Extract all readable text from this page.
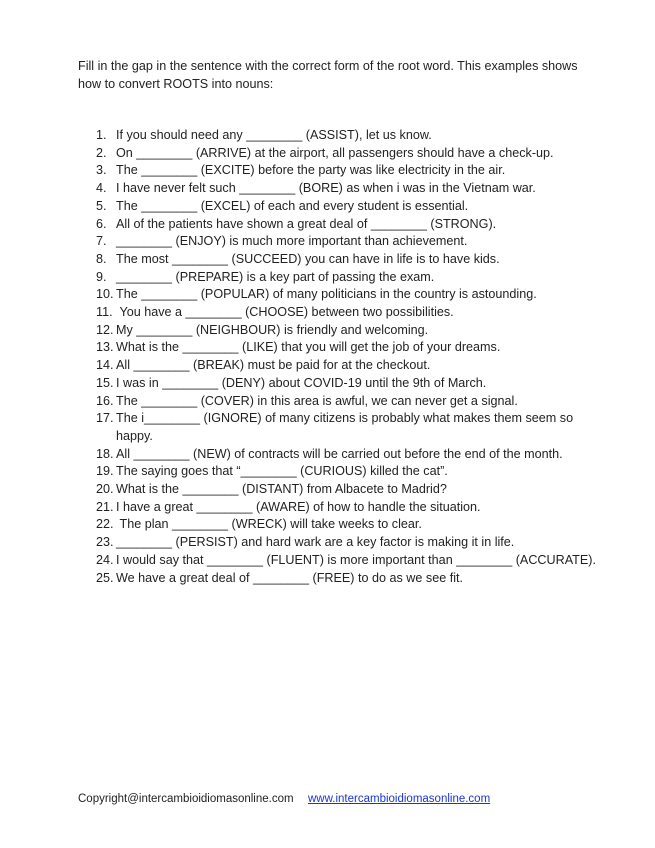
Fill in the gap in the sentence with the correct form of the root word. This examples shows how to convert ROOTS into nouns:
1. If you should need any ________ (ASSIST), let us know.
2. On ________ (ARRIVE) at the airport, all passengers should have a check-up.
3. The ________ (EXCITE) before the party was like electricity in the air.
4. I have never felt such ________ (BORE) as when i was in the Vietnam war.
5. The ________ (EXCEL) of each and every student is essential.
6. All of the patients have shown a great deal of ________ (STRONG).
7. ________ (ENJOY) is much more important than achievement.
8. The most ________ (SUCCEED) you can have in life is to have kids.
9. ________ (PREPARE) is a key part of passing the exam.
10. The ________ (POPULAR) of many politicians in the country is astounding.
11. You have a ________ (CHOOSE) between two possibilities.
12. My ________ (NEIGHBOUR) is friendly and welcoming.
13. What is the ________ (LIKE) that you will get the job of your dreams.
14. All ________ (BREAK) must be paid for at the checkout.
15. I was in ________ (DENY) about COVID-19 until the 9th of March.
16. The ________ (COVER) in this area is awful, we can never get a signal.
17. The i________ (IGNORE) of many citizens is probably what makes them seem so happy.
18. All ________ (NEW) of contracts will be carried out before the end of the month.
19. The saying goes that “________ (CURIOUS) killed the cat”.
20. What is the ________ (DISTANT) from Albacete to Madrid?
21. I have a great ________ (AWARE) of how to handle the situation.
22. The plan ________ (WRECK) will take weeks to clear.
23. ________ (PERSIST) and hard wark are a key factor is making it in life.
24. I would say that ________ (FLUENT) is more important than ________ (ACCURATE).
25. We have a great deal of ________ (FREE) to do as we see fit.
Copyright@intercambioidiomasonline.com www.intercambioidiomasonline.com
